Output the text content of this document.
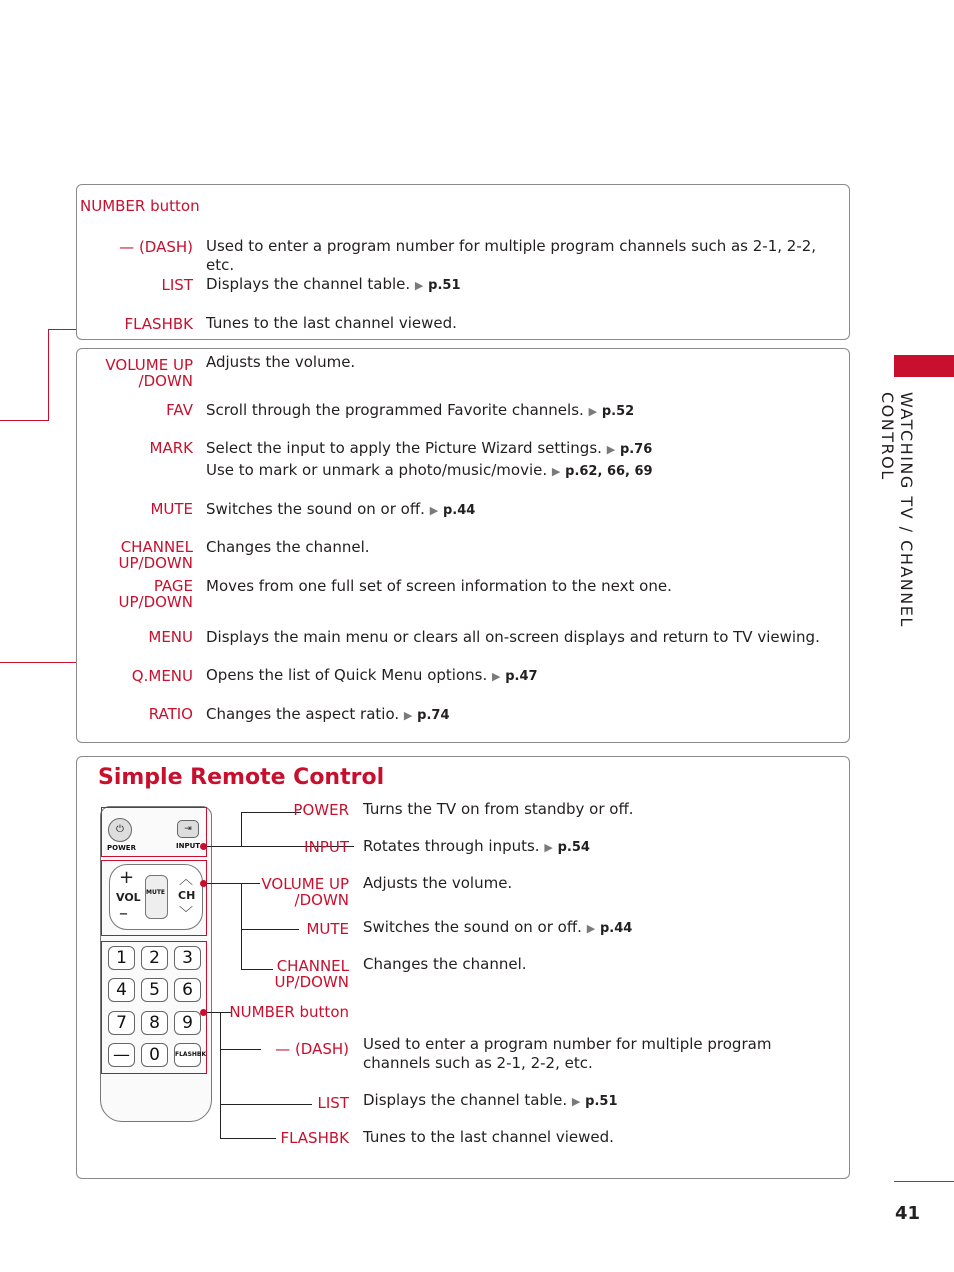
WATCHING TV / CHANNEL CONTROL
NUMBER button
— (DASH) Used to enter a program number for multiple program channels such as 2-1, 2-2, etc.
LIST Displays the channel table. ▶ p.51
FLASHBK Tunes to the last channel viewed.
VOLUME UP
/DOWN
Adjusts the volume.
FAV Scroll through the programmed Favorite channels. ▶ p.52
MARK Select the input to apply the Picture Wizard settings. ▶ p.76
Use to mark or unmark a photo/music/movie. ▶ p.62, 66, 69
MUTE Switches the sound on or off. ▶ p.44
CHANNEL
UP/DOWN
Changes the channel.
PAGE
UP/DOWN
Moves from one full set of screen information to the next one.
MENU Displays the main menu or clears all on-screen displays and return to TV viewing.
Q.MENU Opens the list of Quick Menu options. ▶ p.47
RATIO Changes the aspect ratio. ▶ p.74
Simple Remote Control
⏻
POWER
⇥
INPUT
+
VOL
–
MUTE
︿
CH
﹀
1	2	3
4	5	6
7	8	9
—	0	FLASHBK
POWER Turns the TV on from standby or off.
INPUT Rotates through inputs. ▶ p.54
VOLUME UP
/DOWN
Adjusts the volume.
MUTE Switches the sound on or off. ▶ p.44
CHANNEL
UP/DOWN
Changes the channel.
NUMBER button
— (DASH) Used to enter a program number for multiple program channels such as 2-1, 2-2, etc.
LIST Displays the channel table. ▶ p.51
FLASHBK Tunes to the last channel viewed.
41
